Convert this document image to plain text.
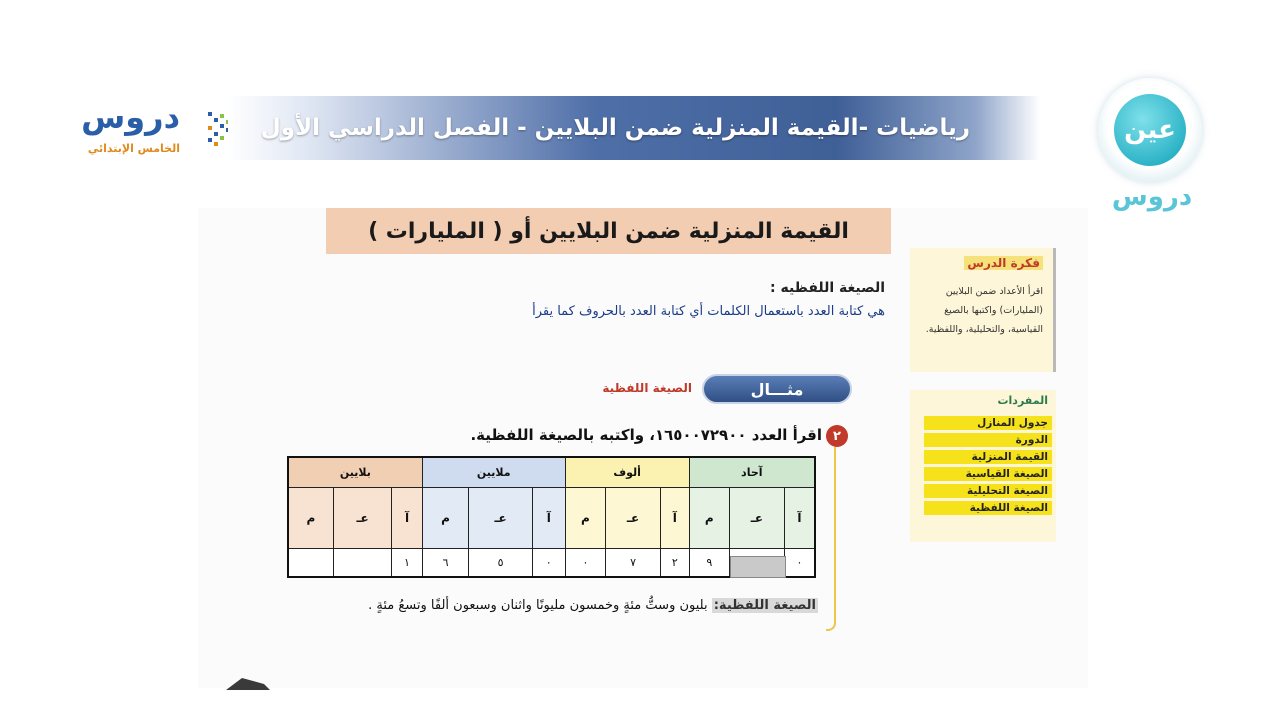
دروس
الخامس الإبتدائي
رياضيات -القيمة المنزلية ضمن البلايين - الفصل الدراسي الأول	عين
دروس
القيمة المنزلية ضمن البلايين أو ( المليارات )
الصيغة اللفظيه :
هي كتابة العدد باستعمال الكلمات أي كتابة العدد بالحروف كما يقرأ
مثـــال
الصيغة اللفظية
٢
اقرأ العدد ١٦٥٠٠٧٢٩٠٠، واكتبه بالصيغة اللفظية.
آحاد			ألوف			ملايين			بلايين		
آ	عـ	م	آ	عـ	م	آ	عـ	م	آ	عـ	م
٠		٩	٢	٧	٠	٠	٥	٦	١		
الصيغة اللفظية: بليون وستُّ مئةٍ وخمسون مليونًا واثنان وسبعون ألفًا وتسعُ مئةٍ .
فكرة الدرس
اقرأ الأعداد ضمن البلايين (المليارات) واكتبها بالصيغ القياسية، والتحليلية، واللفظية.
المفردات
جدول المنازل
الدورة
القيمة المنزلية
الصيغة القياسية
الصيغة التحليلية
الصيغة اللفظية
